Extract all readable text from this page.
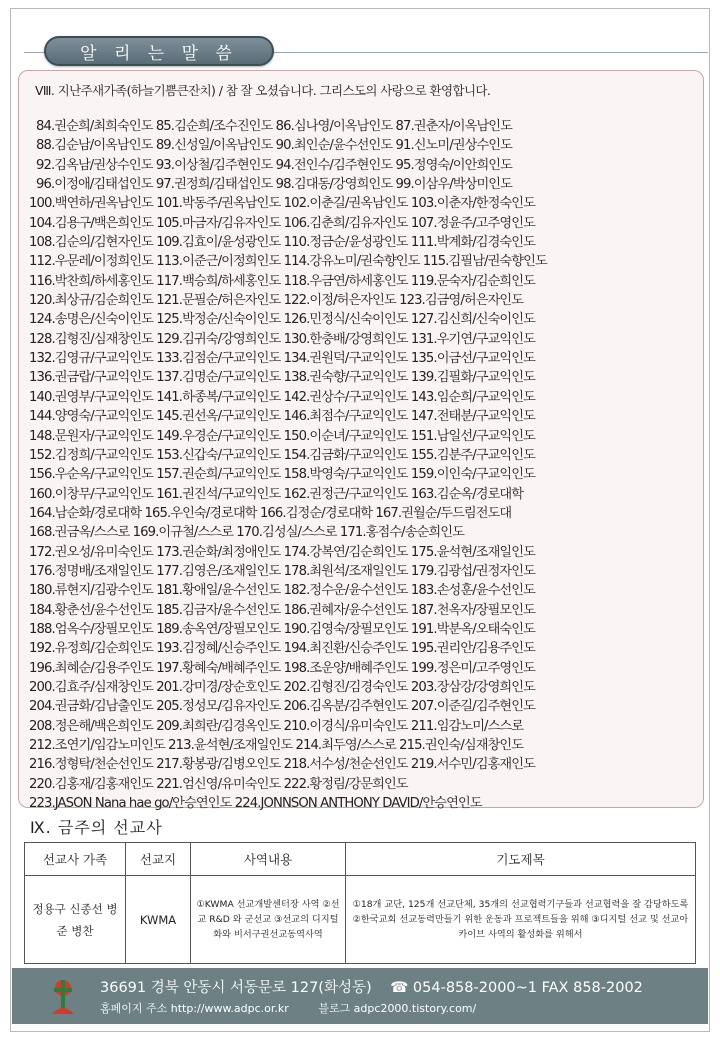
알 리 는 말 씀
Ⅷ. 지난주새가족(하늘기쁨큰잔치) / 참 잘 오셨습니다. 그리스도의 사랑으로 환영합니다.
84.권순희/최희숙인도 85.김순희/조수진인도 86.심나영/이옥남인도 87.권춘자/이옥남인도
88.김순남/이옥남인도 89.신성일/이옥남인도 90.최인순/윤수선인도 91.신노미/권상수인도
92.김옥남/권상수인도 93.이상철/김주현인도 94.전인수/김주현인도 95.정영숙/이안희인도
96.이정애/김태섭인도 97.권정희/김태섭인도 98.김대동/강영희인도 99.이삼우/박상미인도
100.백연하/권옥남인도 101.박동주/권옥남인도 102.이춘길/권옥남인도 103.이춘자/한정숙인도
104.김용구/백은희인도 105.마금자/김유자인도 106.김춘희/김유자인도 107.정윤주/고주영인도
108.김순의/김현자인도 109.김효이/윤성광인도 110.정금순/윤성광인도 111.박계화/김경숙인도
112.우문레/이정희인도 113.이준근/이정희인도 114.강유노미/권숙향인도 115.김필남/권숙향인도
116.박찬희/하세홍인도 117.백승희/하세홍인도 118.우금연/하세홍인도 119.문숙자/김순희인도
120.최상규/김순희인도 121.문필순/허은자인도 122.이정/허은자인도 123.김금영/허은자인도
124.송명은/신숙이인도 125.박정순/신숙이인도 126.민정식/신숙이인도 127.김신희/신숙이인도
128.김형진/심재창인도 129.김귀숙/강영희인도 130.한충배/강영희인도 131.우기연/구교익인도
132.김영규/구교익인도 133.김점순/구교익인도 134.권원덕/구교익인도 135.이금선/구교익인도
136.권금랍/구교익인도 137.김명순/구교익인도 138.권숙향/구교익인도 139.김필화/구교익인도
140.권영부/구교익인도 141.하종복/구교익인도 142.권상수/구교익인도 143.임순희/구교익인도
144.양영숙/구교익인도 145.권선옥/구교익인도 146.최점수/구교익인도 147.전태분/구교익인도
148.문원자/구교익인도 149.우경순/구교익인도 150.이순녀/구교익인도 151.남일선/구교익인도
152.김정희/구교익인도 153.신갑숙/구교익인도 154.김금화/구교익인도 155.김분주/구교익인도
156.우순옥/구교익인도 157.권순희/구교익인도 158.박영숙/구교익인도 159.이인숙/구교익인도
160.이창무/구교익인도 161.권진석/구교익인도 162.권정근/구교익인도 163.김순옥/경로대학
164.남순화/경로대학 165.우인숙/경로대학 166.김정순/경로대학 167.권월순/두드림전도대
168.권금옥/스스로 169.이규철/스스로 170.김성실/스스로 171.홍점수/송순희인도
172.권오성/유미숙인도 173.권순화/최정애인도 174.강복연/김순희인도 175.윤석현/조재일인도
176.정명배/조재일인도 177.김영은/조재일인도 178.최원석/조재일인도 179.김광섭/권정자인도
180.류현지/김광수인도 181.황애일/윤수선인도 182.정수운/윤수선인도 183.손성훈/윤수선인도
184.황춘선/윤수선인도 185.김금자/윤수선인도 186.권혜자/윤수선인도 187.천옥자/장필모인도
188.엄옥수/장필모인도 189.송옥연/장필모인도 190.김영숙/장필모인도 191.박분옥/오태숙인도
192.유정희/김순희인도 193.김정혜/신승주인도 194.최진환/신승주인도 195.권리안/김용주인도
196.최혜순/김용주인도 197.황혜숙/배혜주인도 198.조운양/배혜주인도 199.정은미/고주영인도
200.김효주/심재창인도 201.강미경/장순호인도 202.김형진/김경숙인도 203.장삼강/강영희인도
204.권금화/김남출인도 205.정성모/김유자인도 206.김옥분/김주현인도 207.이준길/김주현인도
208.정은해/백은희인도 209.최희란/김경옥인도 210.이경식/유미숙인도 211.임감노미/스스로
212.조연기/임감노미인도 213.윤석현/조재일인도 214.최두영/스스로 215.권인숙/심재창인도
216.정형탁/천순선인도 217.황봉광/김병오인도 218.서수성/천순선인도 219.서수민/김홍재인도
220.김홍재/김홍재인도 221.엄신영/유미숙인도 222.황정림/강문희인도
223.JASON Nana hae go/안승연인도 224.JONNSON ANTHONY DAVID/안승연인도
Ⅸ. 금주의 선교사
선교사 가족	선교지	사역내용	기도제목
정용구 신종선 병준 병찬	KWMA	①KWMA 선교개발센터장 사역 ②선교 R&D 와 군선교 ③선교의 디지털화와 비서구권선교동역사역	①18개 교단, 125개 선교단체, 35개의 선교협력기구들과 선교협력을 잘 감당하도록 ②한국교회 선교동력만들기 위한 운동과 프로젝트들을 위해 ③디지털 선교 및 선교아카이브 사역의 활성화를 위해서
36691 경북 안동시 서동문로 127(화성동) ☎ 054-858-2000~1 FAX 858-2002
홈페이지 주소 http://www.adpc.or.kr	블로그 adpc2000.tistory.com/
